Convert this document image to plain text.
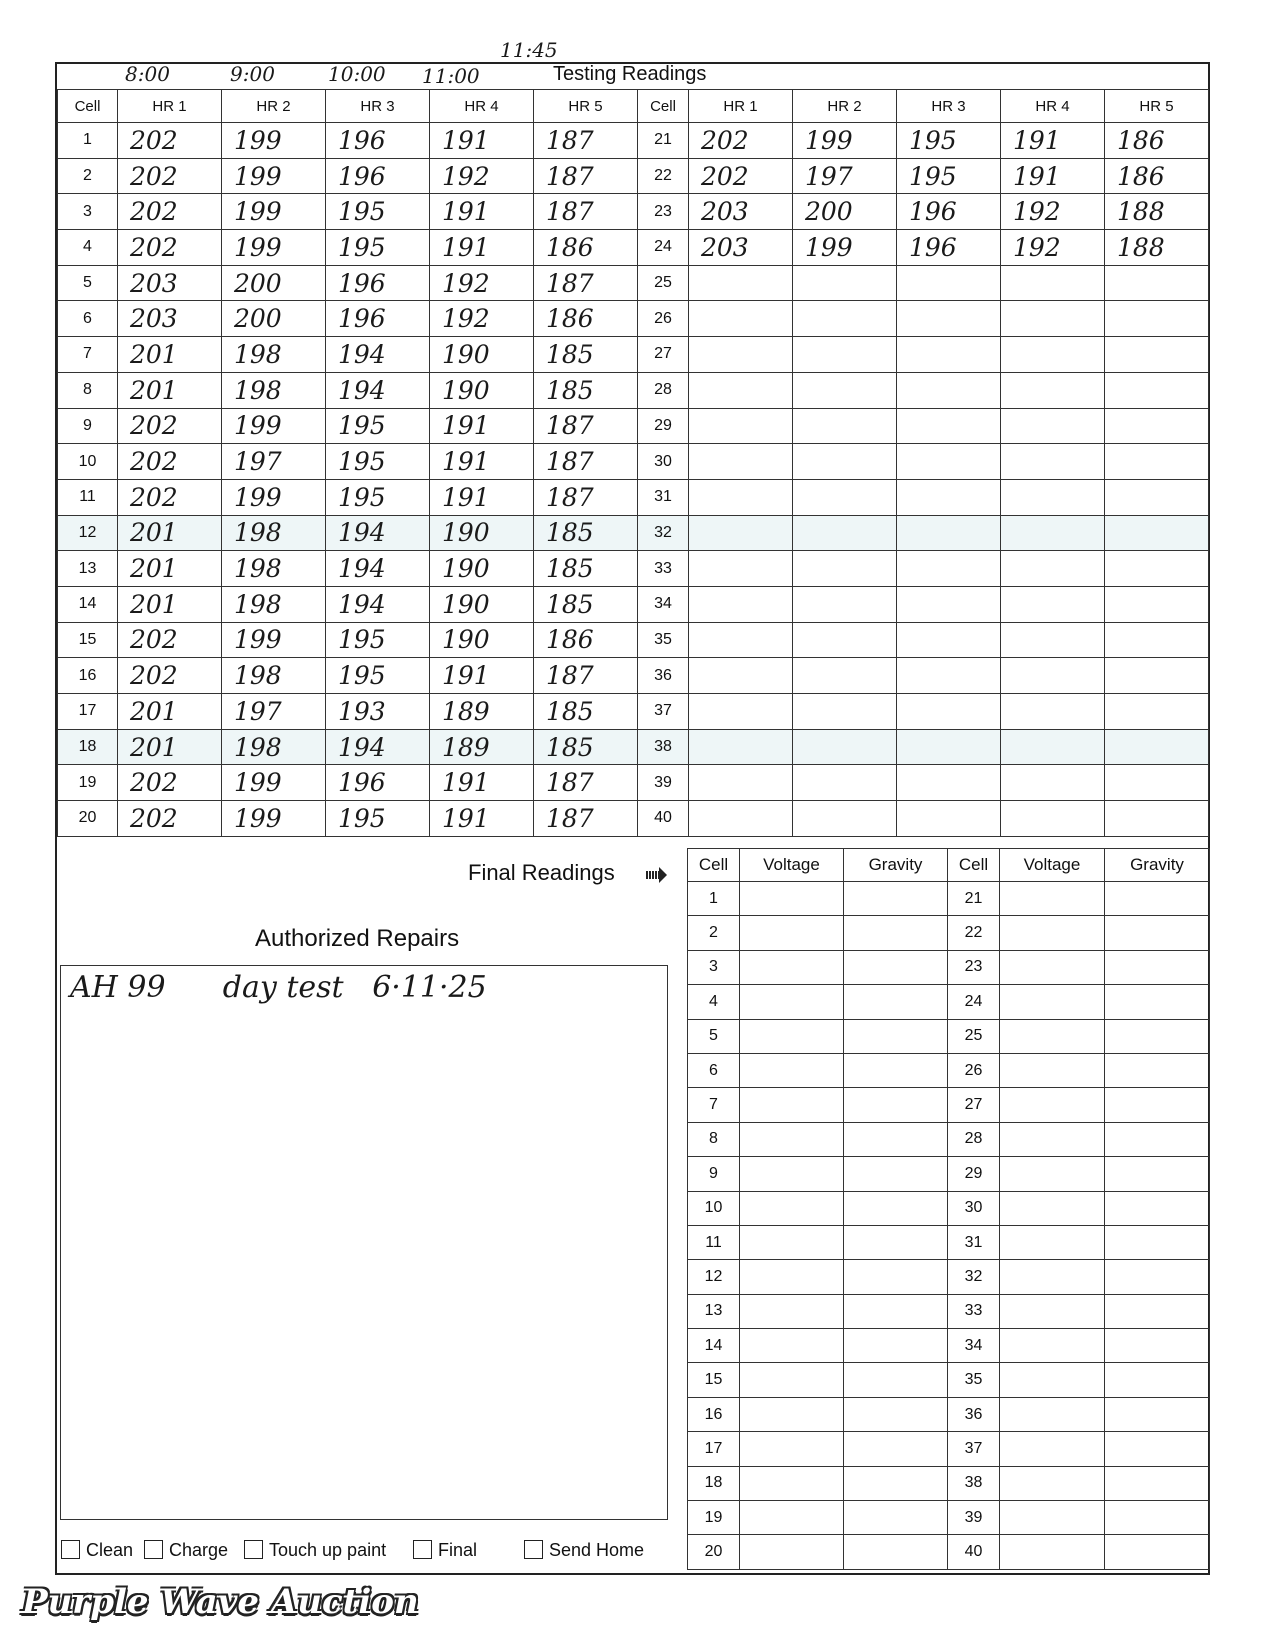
8:00	9:00	10:00 11:00
11:45
Testing Readings
Cell	HR 1	HR 2	HR 3	HR 4	HR 5	Cell	HR 1	HR 2	HR 3	HR 4	HR 5
1	202	199	196	191	187	21	202	199	195	191	186
2	202	199	196	192	187	22	202	197	195	191	186
3	202	199	195	191	187	23	203	200	196	192	188
4	202	199	195	191	186	24	203	199	196	192	188
5	203	200	196	192	187	25					
6	203	200	196	192	186	26					
7	201	198	194	190	185	27					
8	201	198	194	190	185	28					
9	202	199	195	191	187	29					
10	202	197	195	191	187	30					
11	202	199	195	191	187	31					
12	201	198	194	190	185	32					
13	201	198	194	190	185	33					
14	201	198	194	190	185	34					
15	202	199	195	190	186	35					
16	202	198	195	191	187	36					
17	201	197	193	189	185	37					
18	201	198	194	189	185	38					
19	202	199	196	191	187	39					
20	202	199	195	191	187	40					
Final Readings	Cell	Voltage	Gravity	Cell	Voltage	Gravity
1			21		
2			22		
3			23		
4			24		
5			25		
6			26		
7			27		
8			28		
9			29		
10			30		
11			31		
12			32		
13			33		
14			34		
15			35		
16			36		
17			37		
18			38		
19			39		
20			40		
Authorized Repairs
AH 99      day test   6·11·25
Clean	Charge	Touch up paint	Final	Send Home
Purple Wave Auction
